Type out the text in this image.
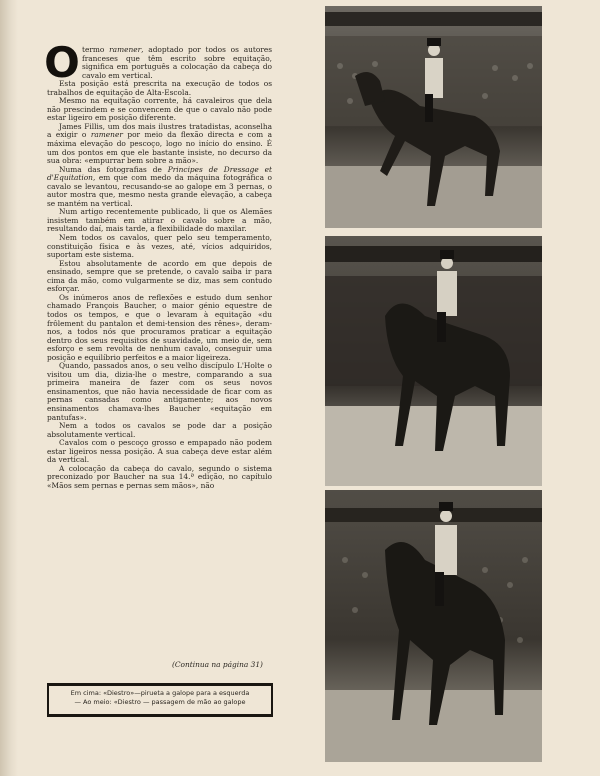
O termo ramener, adoptado por todos os autores franceses que têm escrito sobre equitação, significa em português a colocação da cabeça do cavalo em vertical.

Esta posição está prescrita na execução de todos os trabalhos de equitação de Alta-Escola.

Mesmo na equitação corrente, há cavaleiros que dela não prescindem e se convencem de que o cavalo não pode estar ligeiro em posição diferente.

James Fillis, um dos mais ilustres tratadistas, aconselha a exigir o ramener por meio da flexão directa e com a máxima elevação do pescoço, logo no início do ensino. É um dos pontos em que ele bastante insiste, no decurso da sua obra: «empurrar bem sobre a mão».

Numa das fotografias de Principes de Dressage et d'Equitation, em que com medo da máquina fotográfica o cavalo se levantou, recusando-se ao galope em 3 pernas, o autor mostra que, mesmo nesta grande elevação, a cabeça se mantém na vertical.

Num artigo recentemente publicado, li que os Alemães insistem também em atirar o cavalo sobre a mão, resultando daí, mais tarde, a flexibilidade do maxilar.

Nem todos os cavalos, quer pelo seu temperamento, constituição física e às vezes, até, vícios adquiridos, suportam este sistema.

Estou absolutamente de acordo em que depois de ensinado, sempre que se pretende, o cavalo saiba ir para cima da mão, como vulgarmente se diz, mas sem contudo esforçar.

Os inúmeros anos de reflexões e estudo dum senhor chamado François Baucher, o maior génio equestre de todos os tempos, e que o levaram à equitação «du frôlement du pantalon et demi-tension des rênes», deram-nos, a todos nós que procuramos praticar a equitação dentro dos seus requisitos de suavidade, um meio de, sem esforço e sem revolta de nenhum cavalo, conseguir uma posição e equilíbrio perfeitos e a maior ligeireza.

Quando, passados anos, o seu velho discípulo L'Holte o visitou um dia, dizia-lhe o mestre, comparando a sua primeira maneira de fazer com os seus novos ensinamentos, que não havia necessidade de ficar com as pernas cansadas como antigamente; aos novos ensinamentos chamava-lhes Baucher «equitação em pantufas».

Nem a todos os cavalos se pode dar a posição absolutamente vertical.

Cavalos com o pescoço grosso e empapado não podem estar ligeiros nessa posição. A sua cabeça deve estar além da vertical.

A colocação da cabeça do cavalo, segundo o sistema preconizado por Baucher na sua 14.ª edição, no capítulo «Mãos sem pernas e pernas sem mãos», não

(Continua na página 31)
Em cima: «Diestro»—pirueta a galope para a esquerda
— Ao meio: «Diestro — passagem de mão ao galope
